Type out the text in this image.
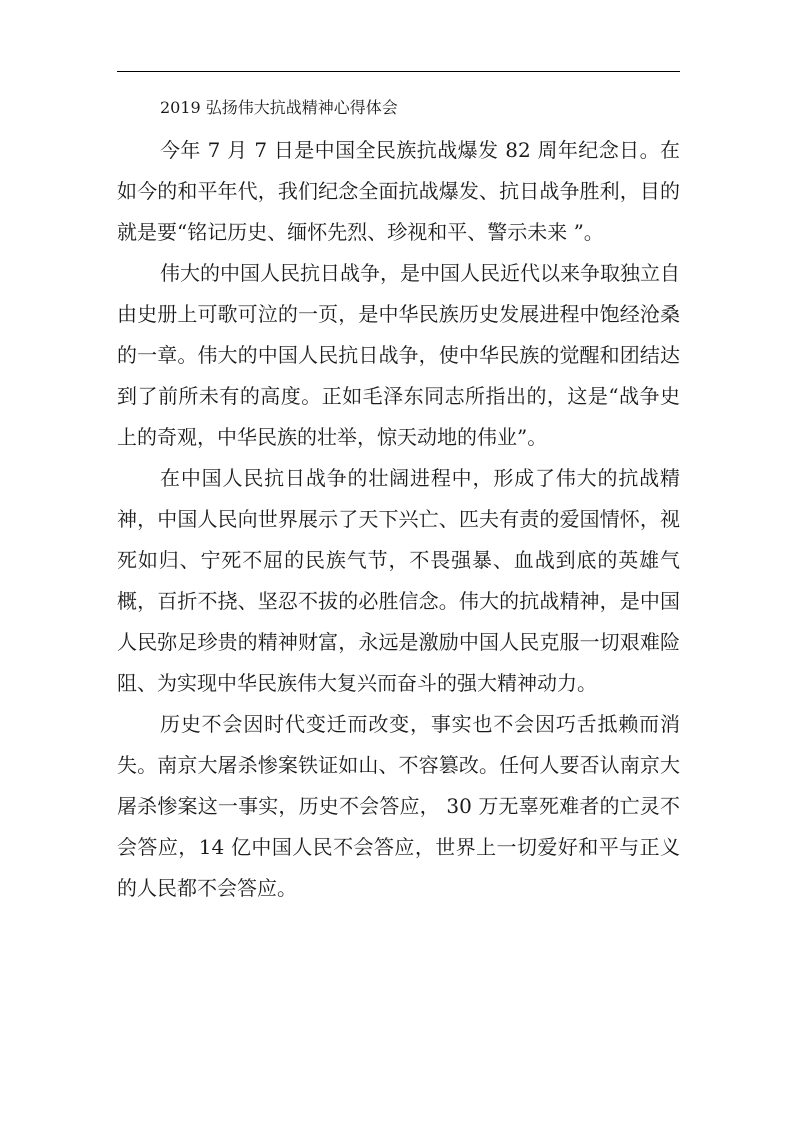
2019 弘扬伟大抗战精神心得体会

今年 7 月 7 日是中国全民族抗战爆发 82 周年纪念日。在如今的和平年代，我们纪念全面抗战爆发、抗日战争胜利，目的就是要“铭记历史、缅怀先烈、珍视和平、警示未来 ”。

伟大的中国人民抗日战争，是中国人民近代以来争取独立自由史册上可歌可泣的一页，是中华民族历史发展进程中饱经沧桑的一章。伟大的中国人民抗日战争，使中华民族的觉醒和团结达到了前所未有的高度。正如毛泽东同志所指出的，这是“战争史上的奇观，中华民族的壮举，惊天动地的伟业”。

在中国人民抗日战争的壮阔进程中，形成了伟大的抗战精神，中国人民向世界展示了天下兴亡、匹夫有责的爱国情怀，视死如归、宁死不屈的民族气节，不畏强暴、血战到底的英雄气概，百折不挠、坚忍不拔的必胜信念。伟大的抗战精神，是中国人民弥足珍贵的精神财富，永远是激励中国人民克服一切艰难险阻、为实现中华民族伟大复兴而奋斗的强大精神动力。

历史不会因时代变迁而改变，事实也不会因巧舌抵赖而消失。南京大屠杀惨案铁证如山、不容篡改。任何人要否认南京大屠杀惨案这一事实，历史不会答应， 30 万无辜死难者的亡灵不会答应，14 亿中国人民不会答应，世界上一切爱好和平与正义的人民都不会答应。
